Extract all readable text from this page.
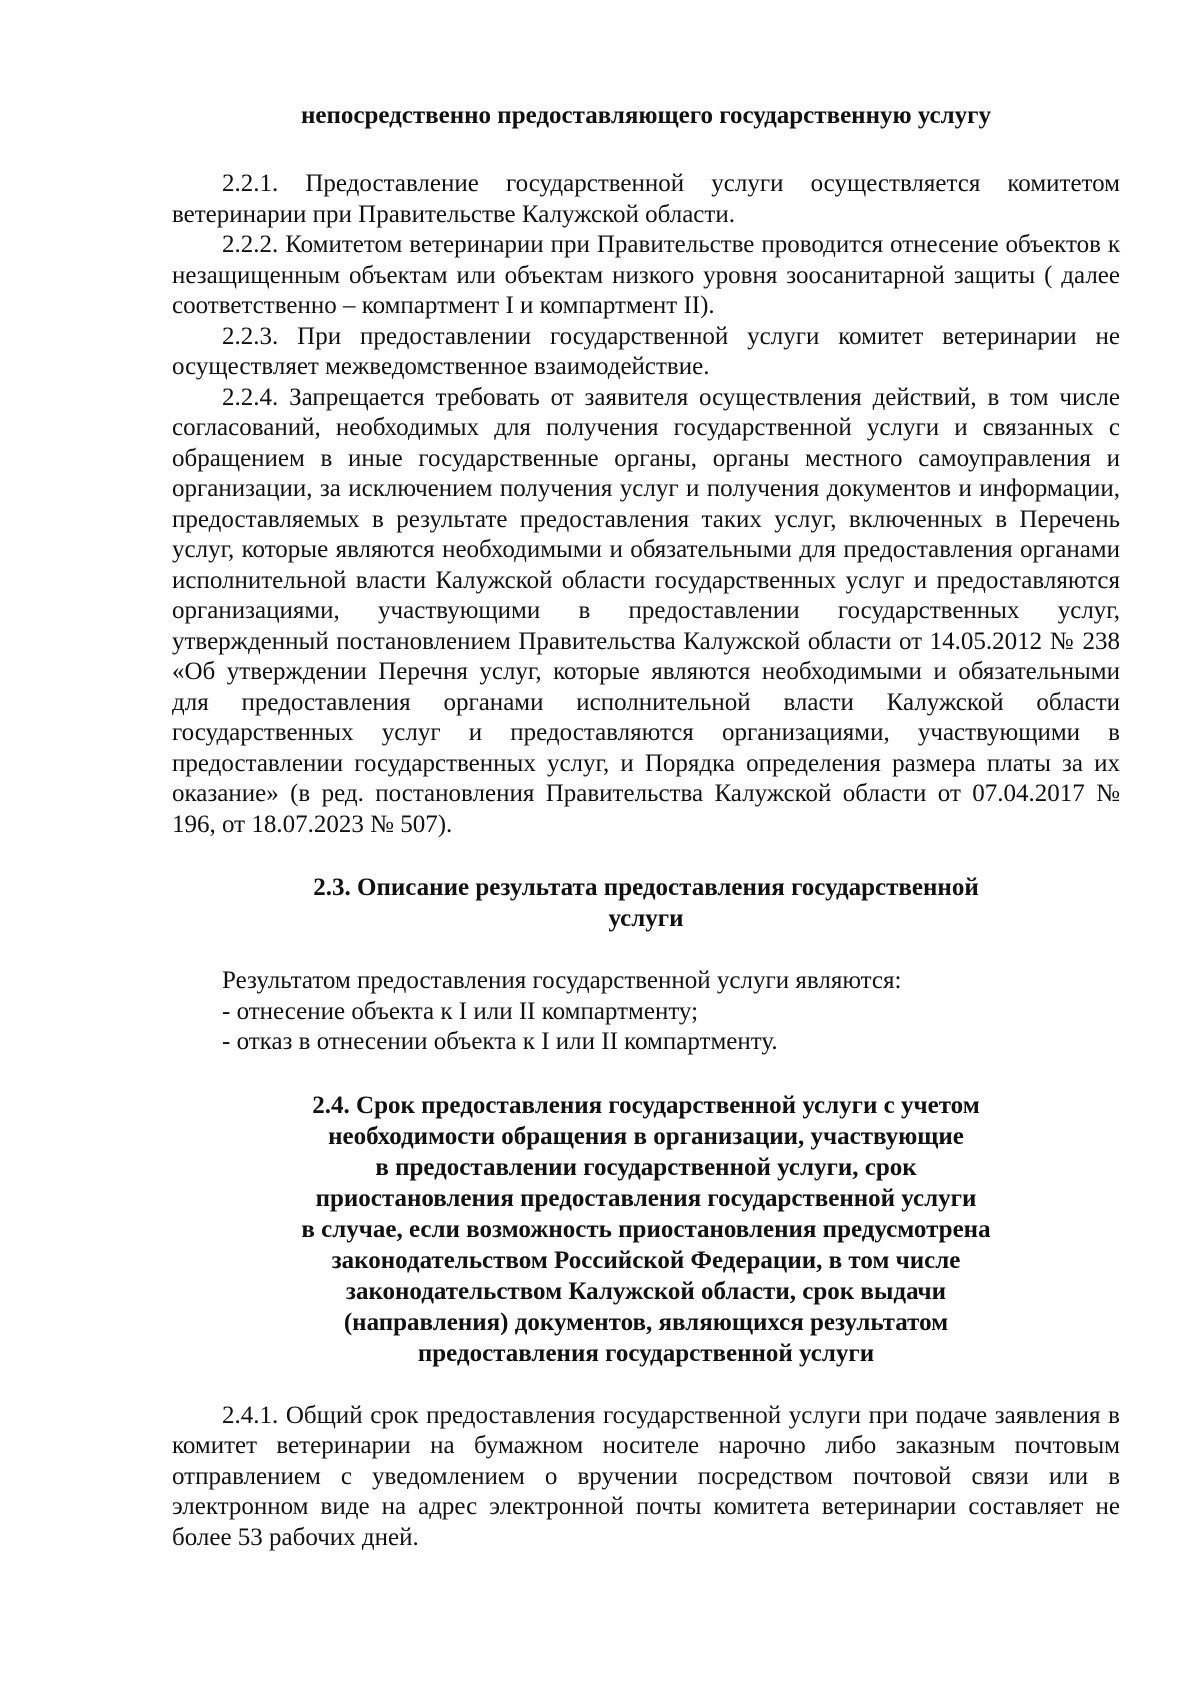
непосредственно предоставляющего государственную услугу

2.2.1. Предоставление государственной услуги осуществляется комитетом ветеринарии при Правительстве Калужской области.

2.2.2. Комитетом ветеринарии при Правительстве проводится отнесение объектов к незащищенным объектам или объектам низкого уровня зоосанитарной защиты ( далее соответственно – компартмент I и компартмент II).

2.2.3. При предоставлении государственной услуги комитет ветеринарии не осуществляет межведомственное взаимодействие.

2.2.4. Запрещается требовать от заявителя осуществления действий, в том числе согласований, необходимых для получения государственной услуги и связанных с обращением в иные государственные органы, органы местного самоуправления и организации, за исключением получения услуг и получения документов и информации, предоставляемых в результате предоставления таких услуг, включенных в Перечень услуг, которые являются необходимыми и обязательными для предоставления органами исполнительной власти Калужской области государственных услуг и предоставляются организациями, участвующими в предоставлении государственных услуг, утвержденный постановлением Правительства Калужской области от 14.05.2012 № 238 «Об утверждении Перечня услуг, которые являются необходимыми и обязательными для предоставления органами исполнительной власти Калужской области государственных услуг и предоставляются организациями, участвующими в предоставлении государственных услуг, и Порядка определения размера платы за их оказание» (в ред. постановления Правительства Калужской области от 07.04.2017 № 196, от 18.07.2023 № 507).

2.3. Описание результата предоставления государственной
услуги

Результатом предоставления государственной услуги являются:
- отнесение объекта к I или II компартменту;
- отказ в отнесении объекта к I или II компартменту.

2.4. Срок предоставления государственной услуги с учетом
необходимости обращения в организации, участвующие
в предоставлении государственной услуги, срок
приостановления предоставления государственной услуги
в случае, если возможность приостановления предусмотрена
законодательством Российской Федерации, в том числе
законодательством Калужской области, срок выдачи
(направления) документов, являющихся результатом
предоставления государственной услуги

2.4.1. Общий срок предоставления государственной услуги при подаче заявления в комитет ветеринарии на бумажном носителе нарочно либо заказным почтовым отправлением с уведомлением о вручении посредством почтовой связи или в электронном виде на адрес электронной почты комитета ветеринарии составляет не более 53 рабочих дней.
